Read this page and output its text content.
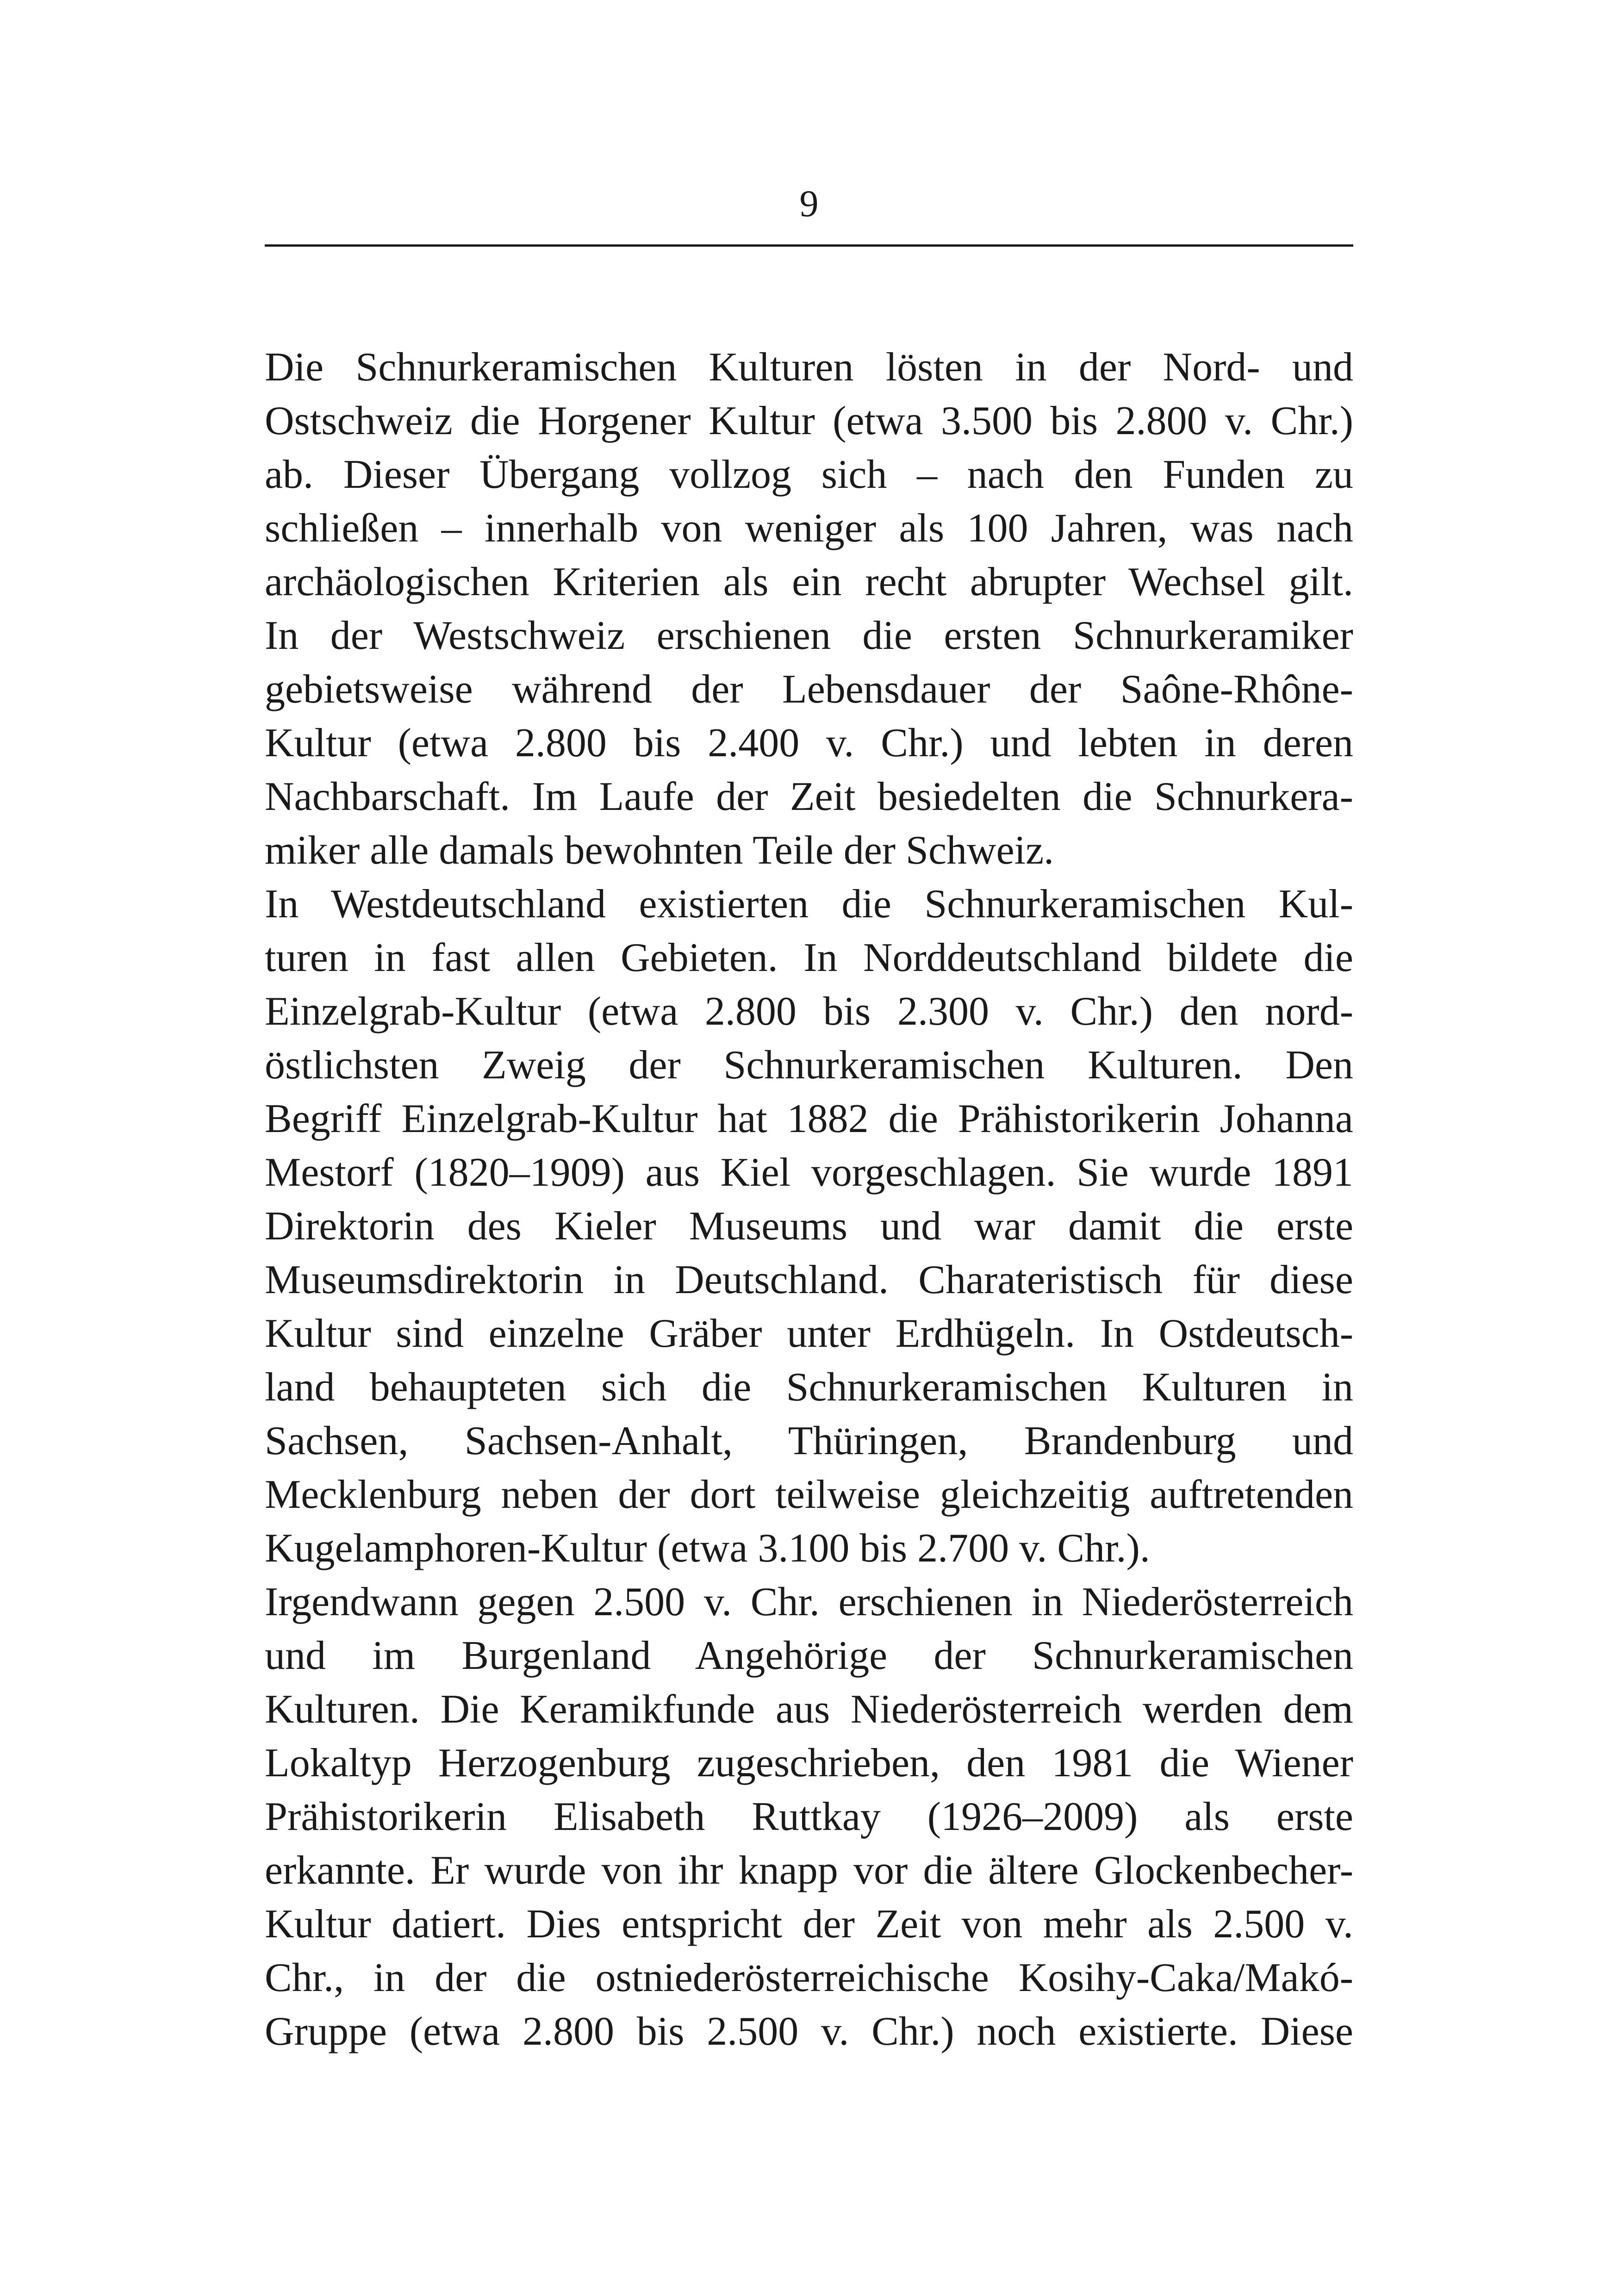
9
Die Schnurkeramischen Kulturen lösten in der Nord- und
Ostschweiz die Horgener Kultur (etwa 3.500 bis 2.800 v. Chr.)
ab. Dieser Übergang vollzog sich – nach den Funden zu
schließen – innerhalb von weniger als 100 Jahren, was nach
archäologischen Kriterien als ein recht abrupter Wechsel gilt.
In der Westschweiz erschienen die ersten Schnurkeramiker
gebietsweise während der Lebensdauer der Saône-Rhône-
Kultur (etwa 2.800 bis 2.400 v. Chr.) und lebten in deren
Nachbarschaft. Im Laufe der Zeit besiedelten die Schnurkera-
miker alle damals bewohnten Teile der Schweiz.
In Westdeutschland existierten die Schnurkeramischen Kul-
turen in fast allen Gebieten. In Norddeutschland bildete die
Einzelgrab-Kultur (etwa 2.800 bis 2.300 v. Chr.) den nord-
östlichsten Zweig der Schnurkeramischen Kulturen. Den
Begriff Einzelgrab-Kultur hat 1882 die Prähistorikerin Johanna
Mestorf (1820–1909) aus Kiel vorgeschlagen. Sie wurde 1891
Direktorin des Kieler Museums und war damit die erste
Museumsdirektorin in Deutschland. Charateristisch für diese
Kultur sind einzelne Gräber unter Erdhügeln. In Ostdeutsch-
land behaupteten sich die Schnurkeramischen Kulturen in
Sachsen, Sachsen-Anhalt, Thüringen, Brandenburg und
Mecklenburg neben der dort teilweise gleichzeitig auftretenden
Kugelamphoren-Kultur (etwa 3.100 bis 2.700 v. Chr.).
Irgendwann gegen 2.500 v. Chr. erschienen in Niederösterreich
und im Burgenland Angehörige der Schnurkeramischen
Kulturen. Die Keramikfunde aus Niederösterreich werden dem
Lokaltyp Herzogenburg zugeschrieben, den 1981 die Wiener
Prähistorikerin Elisabeth Ruttkay (1926–2009) als erste
erkannte. Er wurde von ihr knapp vor die ältere Glockenbecher-
Kultur datiert. Dies entspricht der Zeit von mehr als 2.500 v.
Chr., in der die ostniederösterreichische Kosihy-Caka/Makó-
Gruppe (etwa 2.800 bis 2.500 v. Chr.) noch existierte. Diese
